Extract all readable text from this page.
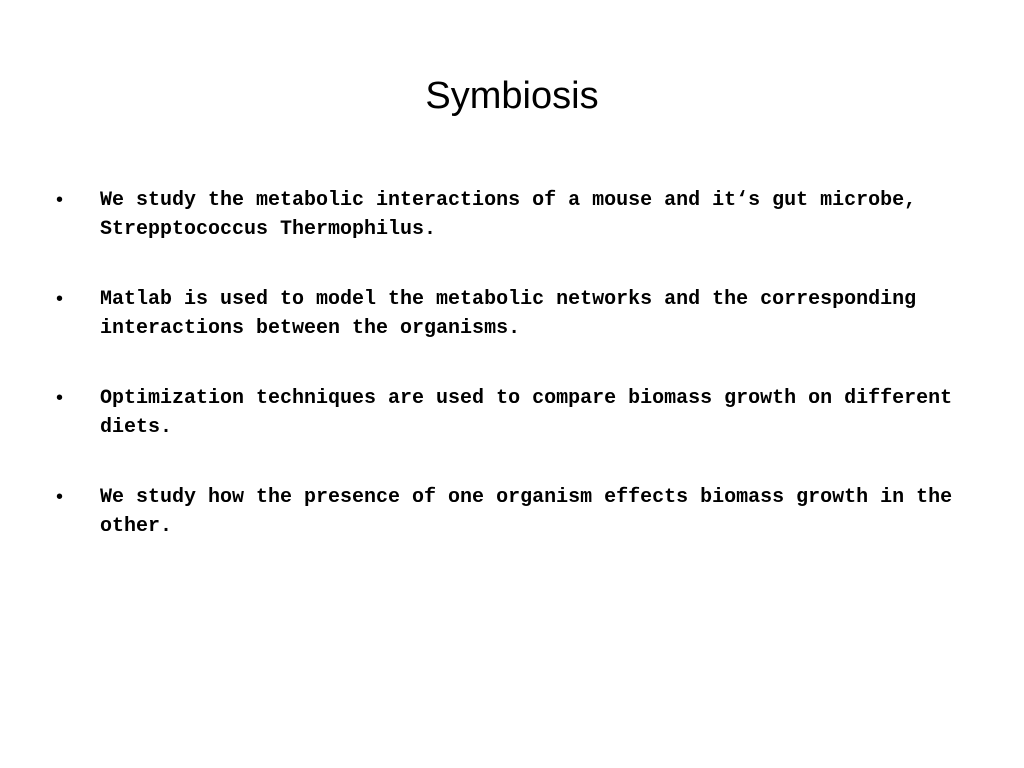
Symbiosis
•	We study the metabolic interactions of a mouse and it‘s gut microbe, Strepptococcus Thermophilus.
•	Matlab is used to model the metabolic networks and the corresponding interactions between the organisms.
•	Optimization techniques are used to compare biomass growth on different diets.
•	We study how the presence of one organism effects biomass growth in the other.
